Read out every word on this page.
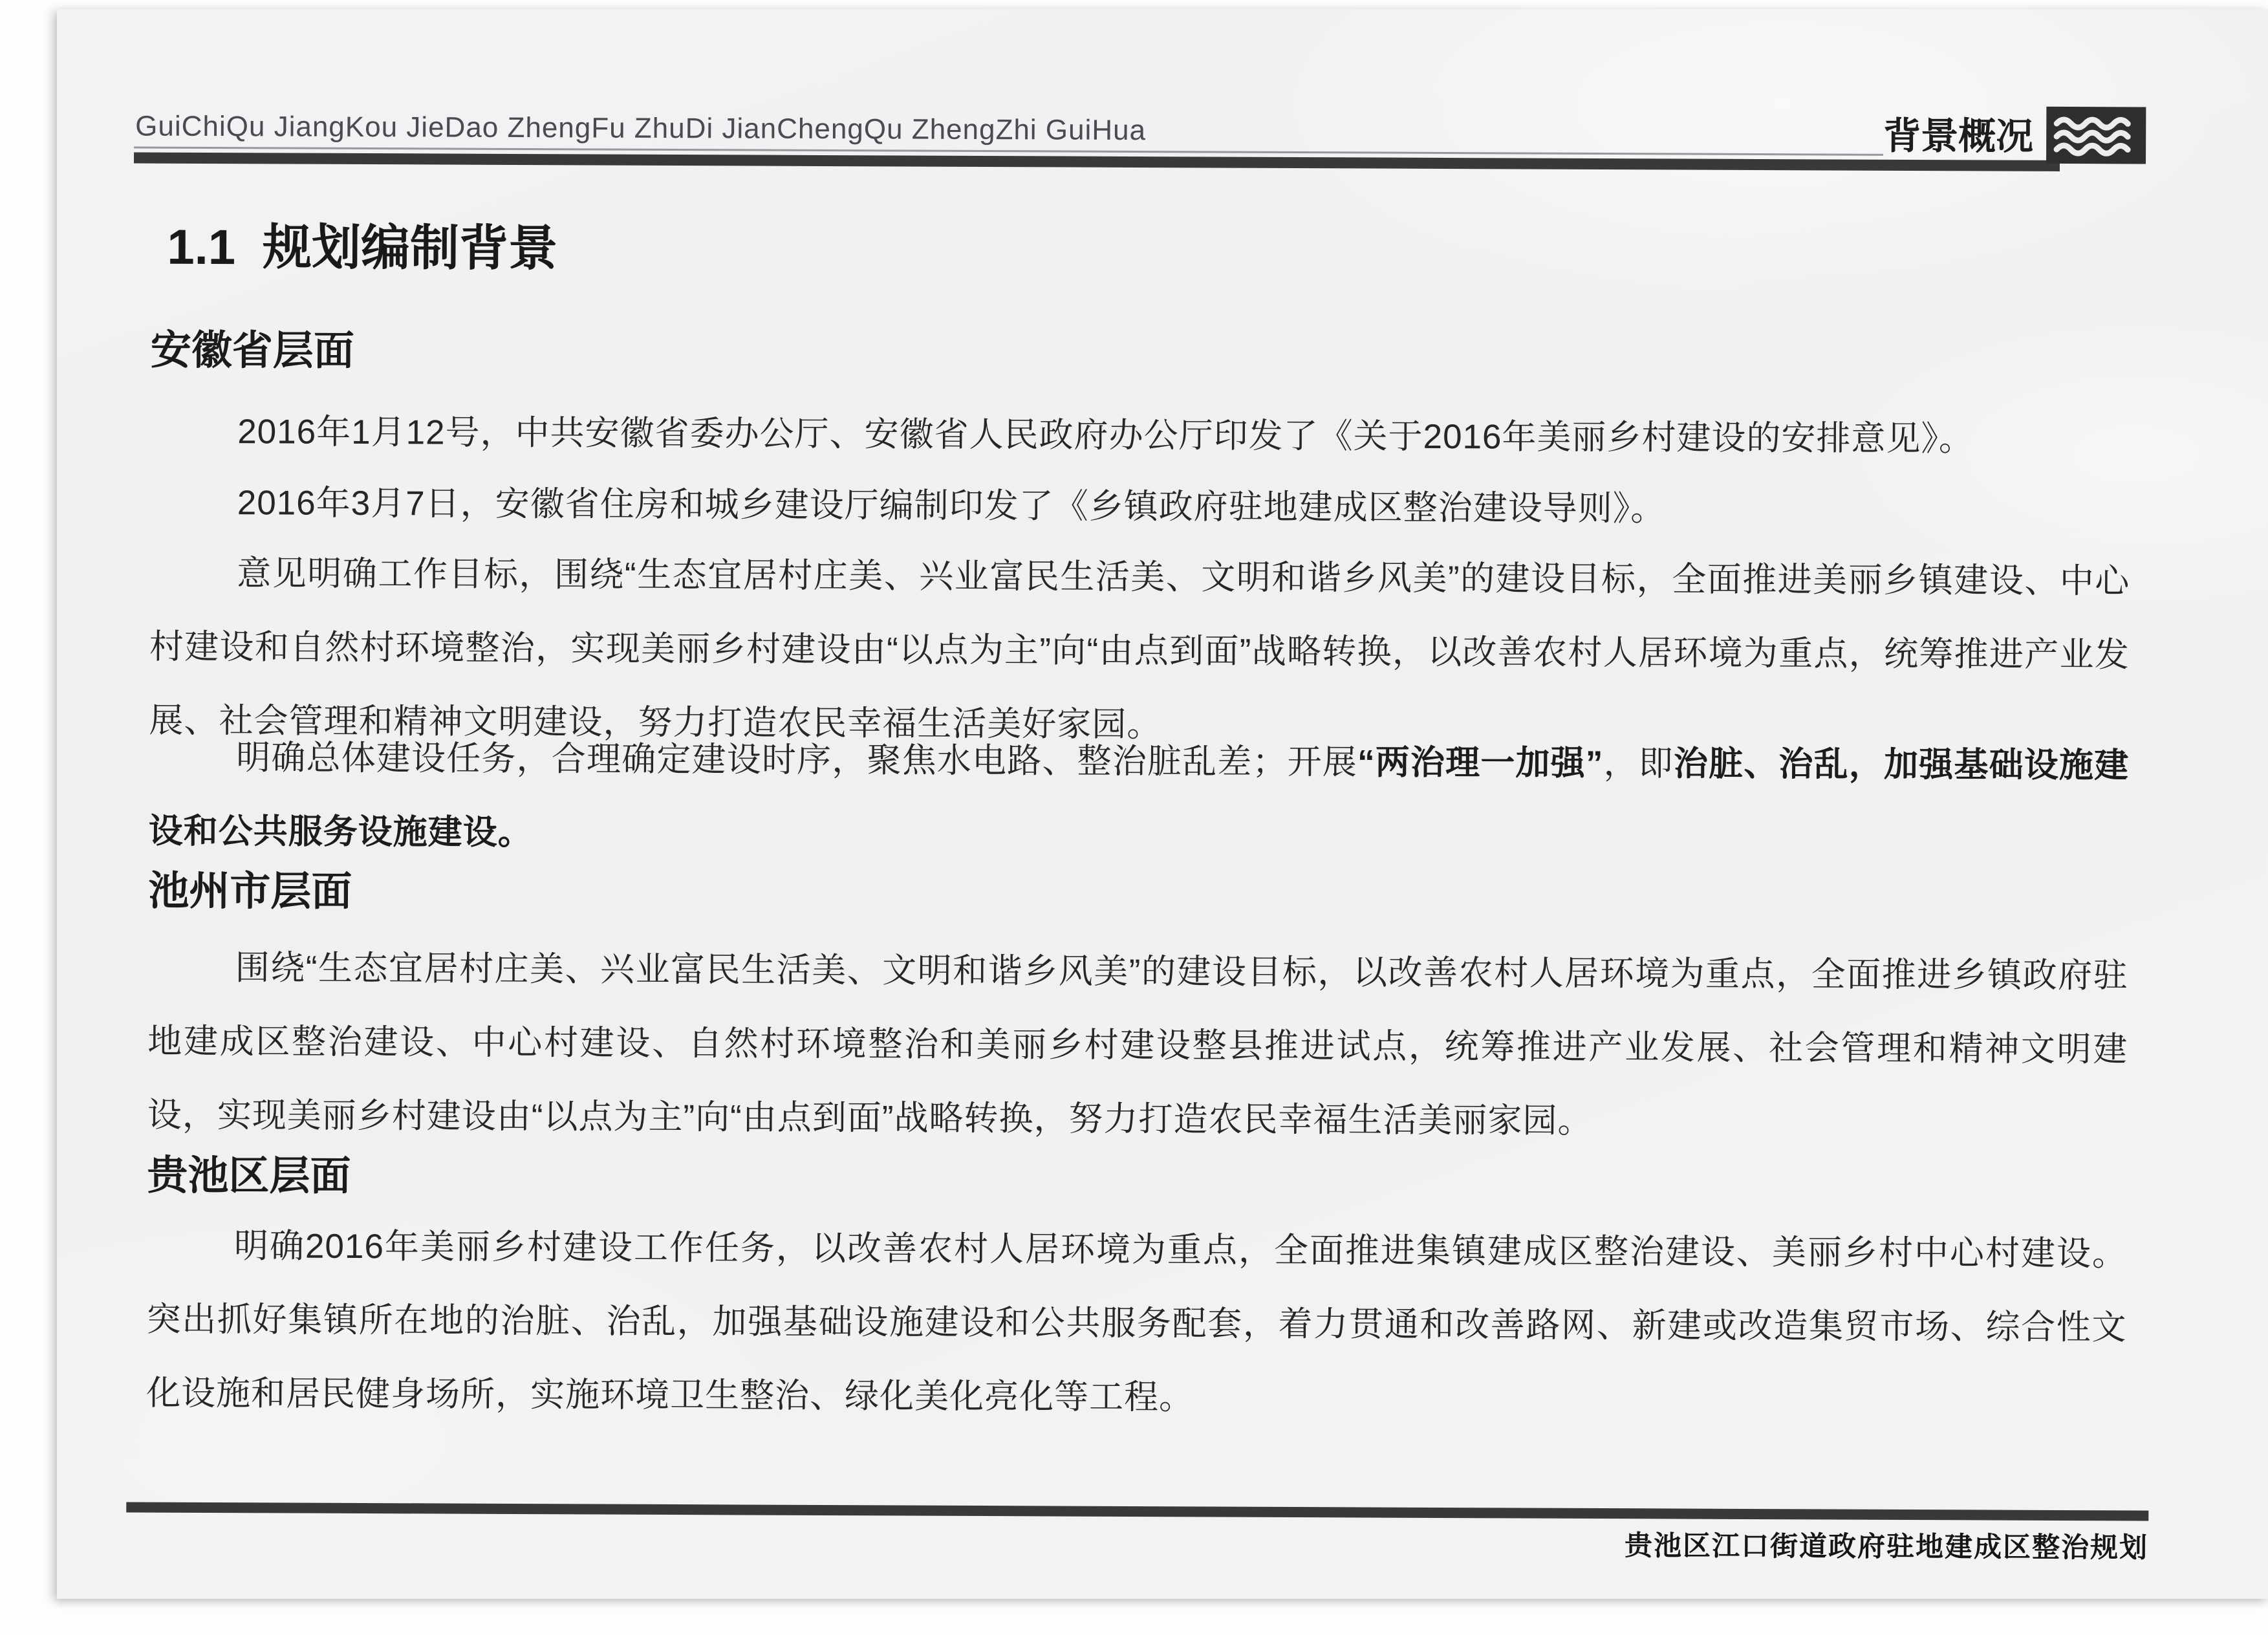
GuiChiQu JiangKou JieDao ZhengFu ZhuDi JianChengQu ZhengZhi GuiHua	背景概况
1.1 规划编制背景
安徽省层面

2016年1月12号，中共安徽省委办公厅、安徽省人民政府办公厅印发了《关于2016年美丽乡村建设的安排意见》。

2016年3月7日，安徽省住房和城乡建设厅编制印发了《乡镇政府驻地建成区整治建设导则》。

意见明确工作目标，围绕“生态宜居村庄美、兴业富民生活美、文明和谐乡风美”的建设目标，全面推进美丽乡镇建设、中心村建设和自然村环境整治，实现美丽乡村建设由“以点为主”向“由点到面”战略转换，以改善农村人居环境为重点，统筹推进产业发展、社会管理和精神文明建设，努力打造农民幸福生活美好家园。

明确总体建设任务，合理确定建设时序，聚焦水电路、整治脏乱差；开展“两治理一加强”，即治脏、治乱，加强基础设施建设和公共服务设施建设。

池州市层面

围绕“生态宜居村庄美、兴业富民生活美、文明和谐乡风美”的建设目标，以改善农村人居环境为重点，全面推进乡镇政府驻地建成区整治建设、中心村建设、自然村环境整治和美丽乡村建设整县推进试点，统筹推进产业发展、社会管理和精神文明建设，实现美丽乡村建设由“以点为主”向“由点到面”战略转换，努力打造农民幸福生活美丽家园。

贵池区层面

明确2016年美丽乡村建设工作任务，以改善农村人居环境为重点，全面推进集镇建成区整治建设、美丽乡村中心村建设。突出抓好集镇所在地的治脏、治乱，加强基础设施建设和公共服务配套，着力贯通和改善路网、新建或改造集贸市场、综合性文化设施和居民健身场所，实施环境卫生整治、绿化美化亮化等工程。

贵池区江口街道政府驻地建成区整治规划
